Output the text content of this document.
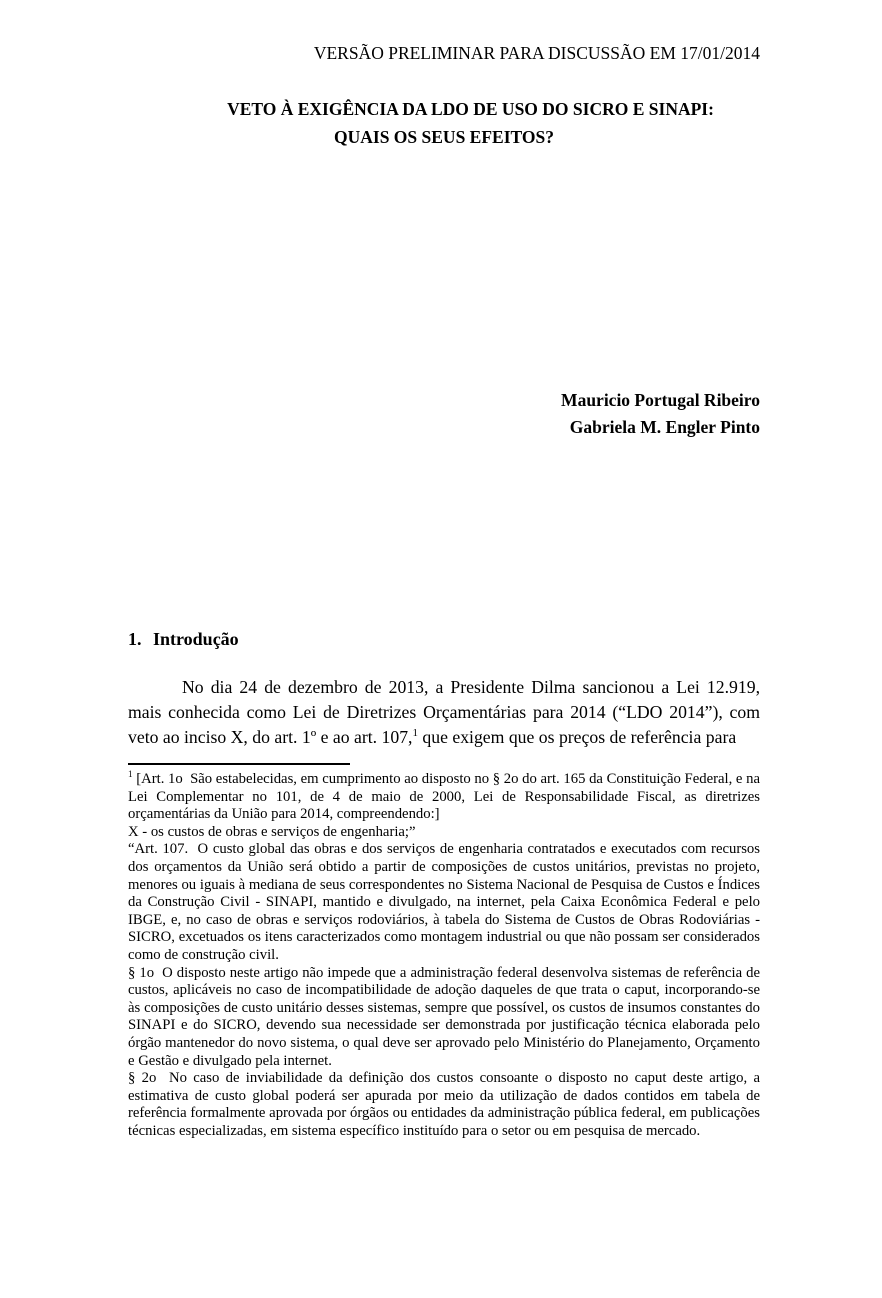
VERSÃO PRELIMINAR PARA DISCUSSÃO EM 17/01/2014
VETO À EXIGÊNCIA DA LDO DE USO DO SICRO E SINAPI:
QUAIS OS SEUS EFEITOS?
Mauricio Portugal Ribeiro
Gabriela M. Engler Pinto
1. Introdução

No dia 24 de dezembro de 2013, a Presidente Dilma sancionou a Lei 12.919, mais conhecida como Lei de Diretrizes Orçamentárias para 2014 (“LDO 2014”), com veto ao inciso X, do art. 1º e ao art. 107,$^1$ que exigem que os preços de referência para

$^1$ [Art. 1o  São estabelecidas, em cumprimento ao disposto no § 2o do art. 165 da Constituição Federal, e na Lei Complementar no 101, de 4 de maio de 2000, Lei de Responsabilidade Fiscal, as diretrizes orçamentárias da União para 2014, compreendendo:]
X - os custos de obras e serviços de engenharia;”
“Art. 107.  O custo global das obras e dos serviços de engenharia contratados e executados com recursos dos orçamentos da União será obtido a partir de composições de custos unitários, previstas no projeto, menores ou iguais à mediana de seus correspondentes no Sistema Nacional de Pesquisa de Custos e Índices da Construção Civil - SINAPI, mantido e divulgado, na internet, pela Caixa Econômica Federal e pelo IBGE, e, no caso de obras e serviços rodoviários, à tabela do Sistema de Custos de Obras Rodoviárias - SICRO, excetuados os itens caracterizados como montagem industrial ou que não possam ser considerados como de construção civil.
§ 1o  O disposto neste artigo não impede que a administração federal desenvolva sistemas de referência de custos, aplicáveis no caso de incompatibilidade de adoção daqueles de que trata o caput, incorporando-se às composições de custo unitário desses sistemas, sempre que possível, os custos de insumos constantes do SINAPI e do SICRO, devendo sua necessidade ser demonstrada por justificação técnica elaborada pelo órgão mantenedor do novo sistema, o qual deve ser aprovado pelo Ministério do Planejamento, Orçamento e Gestão e divulgado pela internet.
§ 2o  No caso de inviabilidade da definição dos custos consoante o disposto no caput deste artigo, a estimativa de custo global poderá ser apurada por meio da utilização de dados contidos em tabela de referência formalmente aprovada por órgãos ou entidades da administração pública federal, em publicações técnicas especializadas, em sistema específico instituído para o setor ou em pesquisa de mercado.
